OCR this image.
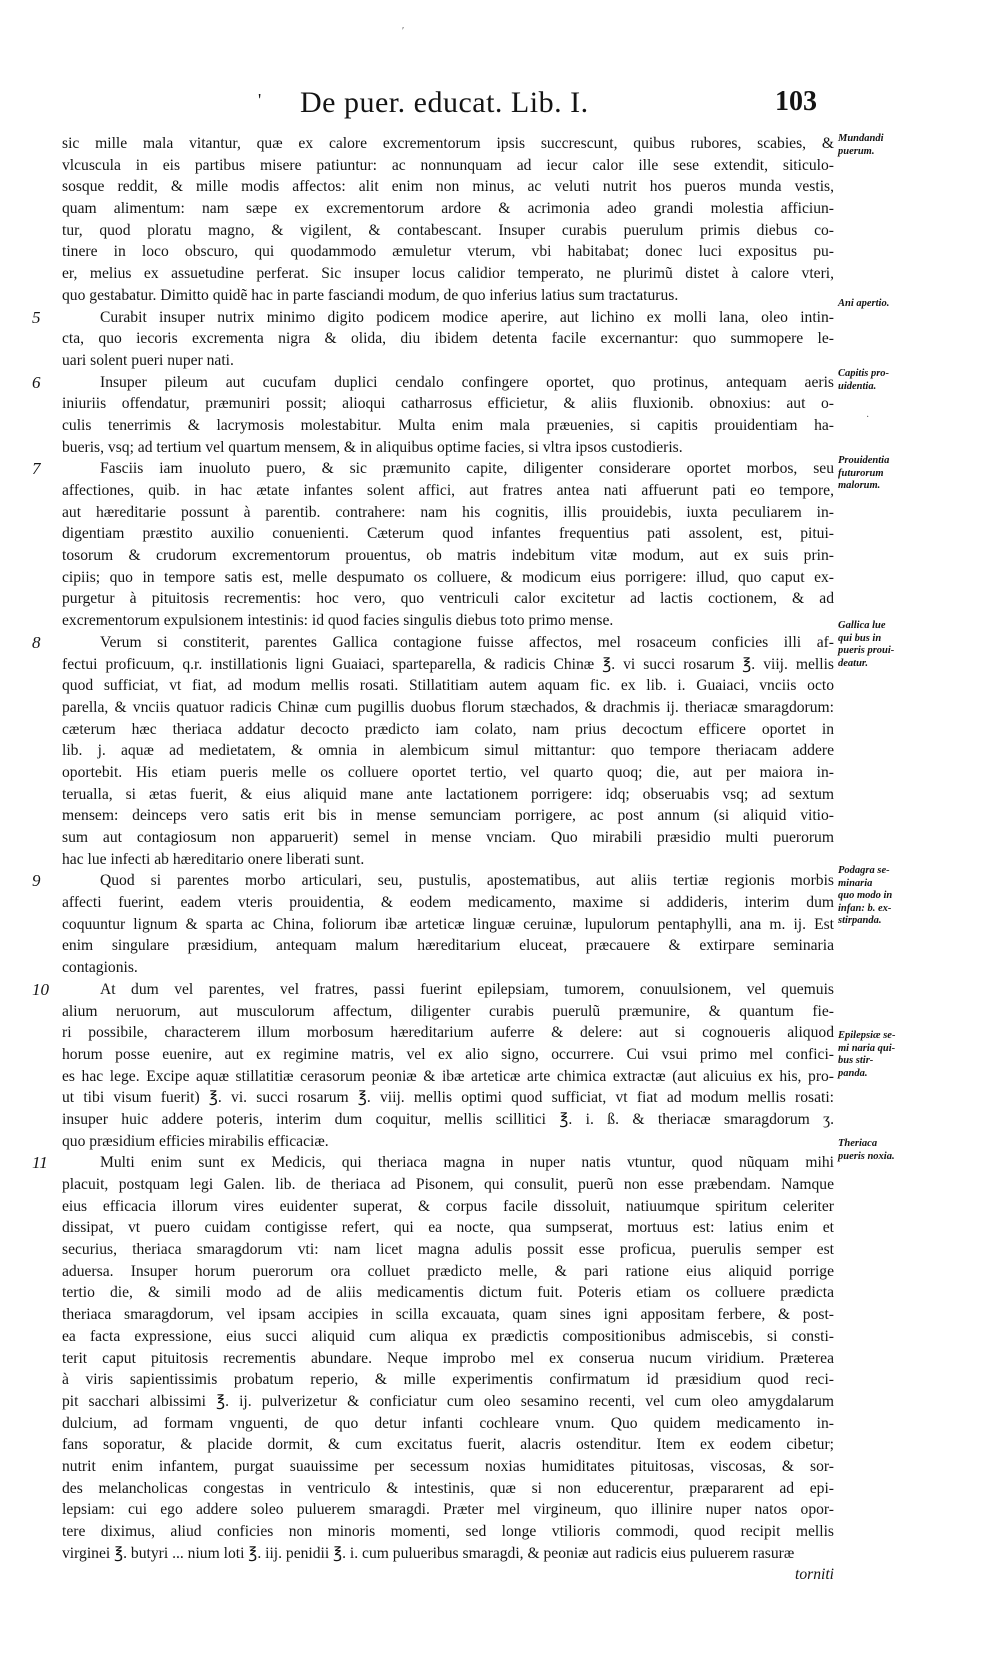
' De puer. educat. Lib. I.	103
sic mille mala vitantur, quæ ex calore excrementorum ipsis succrescunt, quibus rubores, scabies, &
vlcuscula in eis partibus misere patiuntur: ac nonnunquam ad iecur calor ille sese extendit, siticulo-
sosque reddit, & mille modis affectos: alit enim non minus, ac veluti nutrit hos pueros munda vestis,
quam alimentum: nam sæpe ex excrementorum ardore & acrimonia adeo grandi molestia afficiun-
tur, quod ploratu magno, & vigilent, & contabescant. Insuper curabis puerulum primis diebus co-
tinere in loco obscuro, qui quodammodo æmuletur vterum, vbi habitabat; donec luci expositus pu-
er, melius ex assuetudine perferat. Sic insuper locus calidior temperato, ne plurimũ distet à calore vteri,
quo gestabatur. Dimitto quidẽ hac in parte fasciandi modum, de quo inferius latius sum tractaturus.
5	Curabit insuper nutrix minimo digito podicem modice aperire, aut lichino ex molli lana, oleo intin-
cta, quo iecoris excrementa nigra & olida, diu ibidem detenta facile excernantur: quo summopere le-
uari solent pueri nuper nati.
6	Insuper pileum aut cucufam duplici cendalo confingere oportet, quo protinus, antequam aeris
iniuriis offendatur, præmuniri possit; alioqui catharrosus efficietur, & aliis fluxionib. obnoxius: aut o-
culis tenerrimis & lacrymosis molestabitur. Multa enim mala præuenies, si capitis prouidentiam ha-
bueris, vsq; ad tertium vel quartum mensem, & in aliquibus optime facies, si vltra ipsos custodieris.
7	Fasciis iam inuoluto puero, & sic præmunito capite, diligenter considerare oportet morbos, seu
affectiones, quib. in hac ætate infantes solent affici, aut fratres antea nati affuerunt pati eo tempore,
aut hæreditarie possunt à parentib. contrahere: nam his cognitis, illis prouidebis, iuxta peculiarem in-
digentiam præstito auxilio conuenienti. Cæterum quod infantes frequentius pati assolent, est, pitui-
tosorum & crudorum excrementorum prouentus, ob matris indebitum vitæ modum, aut ex suis prin-
cipiis; quo in tempore satis est, melle despumato os colluere, & modicum eius porrigere: illud, quo caput ex-
purgetur à pituitosis recrementis: hoc vero, quo ventriculi calor excitetur ad lactis coctionem, & ad
excrementorum expulsionem intestinis: id quod facies singulis diebus toto primo mense.
8	Verum si constiterit, parentes Gallica contagione fuisse affectos, mel rosaceum conficies illi af-
fectui proficuum, q.r. instillationis ligni Guaiaci, sparteparella, & radicis Chinæ ℥. vi succi rosarum ℥. viij. mellis
quod sufficiat, vt fiat, ad modum mellis rosati. Stillatitiam autem aquam fic. ex lib. i. Guaiaci, vnciis octo
parella, & vnciis quatuor radicis Chinæ cum pugillis duobus florum stæchados, & drachmis ij. theriacæ smaragdorum:
cæterum hæc theriaca addatur decocto prædicto iam colato, nam prius decoctum efficere oportet in
lib. j. aquæ ad medietatem, & omnia in alembicum simul mittantur: quo tempore theriacam addere
oportebit. His etiam pueris melle os colluere oportet tertio, vel quarto quoq; die, aut per maiora in-
terualla, si ætas fuerit, & eius aliquid mane ante lactationem porrigere: idq; obseruabis vsq; ad sextum
mensem: deinceps vero satis erit bis in mense semunciam porrigere, ac post annum (si aliquid vitio-
sum aut contagiosum non apparuerit) semel in mense vnciam. Quo mirabili præsidio multi puerorum
hac lue infecti ab hæreditario onere liberati sunt.
9	Quod si parentes morbo articulari, seu, pustulis, apostematibus, aut aliis tertiæ regionis morbis
affecti fuerint, eadem vteris prouidentia, & eodem medicamento, maxime si addideris, interim dum
coquuntur lignum & sparta ac China, foliorum ibæ arteticæ linguæ ceruinæ, lupulorum pentaphylli, ana m. ij. Est
enim singulare præsidium, antequam malum hæreditarium eluceat, præcauere & extirpare seminaria
contagionis.
10	At dum vel parentes, vel fratres, passi fuerint epilepsiam, tumorem, conuulsionem, vel quemuis
alium neruorum, aut musculorum affectum, diligenter curabis puerulũ præmunire, & quantum fie-
ri possibile, characterem illum morbosum hæreditarium auferre & delere: aut si cognoueris aliquod
horum posse euenire, aut ex regimine matris, vel ex alio signo, occurrere. Cui vsui primo mel confici-
es hac lege. Excipe aquæ stillatitiæ cerasorum peoniæ & ibæ arteticæ arte chimica extractæ (aut alicuius ex his, pro-
ut tibi visum fuerit) ℥. vi. succi rosarum ℥. viij. mellis optimi quod sufficiat, vt fiat ad modum mellis rosati:
insuper huic addere poteris, interim dum coquitur, mellis scillitici ℥. i. ß. & theriacæ smaragdorum ʒ.
quo præsidium efficies mirabilis efficaciæ.
11	Multi enim sunt ex Medicis, qui theriaca magna in nuper natis vtuntur, quod nũquam mihi
placuit, postquam legi Galen. lib. de theriaca ad Pisonem, qui consulit, puerũ non esse præbendam. Namque
eius efficacia illorum vires euidenter superat, & corpus facile dissoluit, natiuumque spiritum celeriter
dissipat, vt puero cuidam contigisse refert, qui ea nocte, qua sumpserat, mortuus est: latius enim et
securius, theriaca smaragdorum vti: nam licet magna adulis possit esse proficua, puerulis semper est
aduersa. Insuper horum puerorum ora colluet prædicto melle, & pari ratione eius aliquid porrige
tertio die, & simili modo ad de aliis medicamentis dictum fuit. Poteris etiam os colluere prædicta
theriaca smaragdorum, vel ipsam accipies in scilla excauata, quam sines igni appositam ferbere, & post-
ea facta expressione, eius succi aliquid cum aliqua ex prædictis compositionibus admiscebis, si consti-
terit caput pituitosis recrementis abundare. Neque improbo mel ex conserua nucum viridium. Præterea
à viris sapientissimis probatum reperio, & mille experimentis confirmatum id præsidium quod reci-
pit sacchari albissimi ℥. ij. pulverizetur & conficiatur cum oleo sesamino recenti, vel cum oleo amygdalarum
dulcium, ad formam vnguenti, de quo detur infanti cochleare vnum. Quo quidem medicamento in-
fans soporatur, & placide dormit, & cum excitatus fuerit, alacris ostenditur. Item ex eodem cibetur;
nutrit enim infantem, purgat suauissime per secessum noxias humiditates pituitosas, viscosas, & sor-
des melancholicas congestas in ventriculo & intestinis, quæ si non educerentur, præpararent ad epi-
lepsiam: cui ego addere soleo puluerem smaragdi. Præter mel virgineum, quo illinire nuper natos opor-
tere diximus, aliud conficies non minoris momenti, sed longe vtilioris commodi, quod recipit mellis
virginei ℥. butyri ... nium loti ℥. iij. penidii ℥. i. cum pulueribus smaragdi, & peoniæ aut radicis eius puluerem rasuræ
torniti
Mundandi
puerum.
Ani apertio.
Capitis pro-
uidentia.
Prouidentia
futurorum
malorum.
Gallica lue
qui bus in
pueris proui-
deatur.
Podagra se-
minaria
quo modo in
infan: b. ex-
stirpanda.
Epilepsiæ se-
mi naria qui-
bus stir-
panda.
Theriaca
pueris noxia.
′
·
